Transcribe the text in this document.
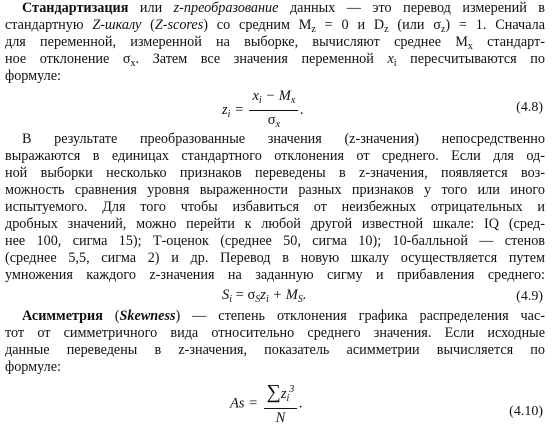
Стандартизация или z-преобразование данных — это перевод измерений в
стандартную Z-шкалу (Z-scores) со средним $M_z = 0$ и $D_z$ (или $\sigma_z) = 1$. Сначала
для переменной, измеренной на выборке, вычисляют среднее $M_x$ стандарт-
ное отклонение $\sigma_x$. Затем все значения переменной $x_i$ пересчитываются по
формуле:
$z_i = \frac{x_i - M_x}{\sigma_x}$ .	(4.8)
В результате преобразованные значения (z-значения) непосредственно
выражаются в единицах стандартного отклонения от среднего. Если для од-
ной выборки несколько признаков переведены в z-значения, появляется воз-
можность сравнения уровня выраженности разных признаков у того или иного
испытуемого. Для того чтобы избавиться от неизбежных отрицательных и
дробных значений, можно перейти к любой другой известной шкале: IQ (сред-
нее 100, сигма 15); Т-оценок (среднее 50, сигма 10); 10-балльной — стенов
(среднее 5,5, сигма 2) и др. Перевод в новую шкалу осуществляется путем
умножения каждого z-значения на заданную сигму и прибавления среднего:
$S_i = \sigma_Sz_i + M_S$.	(4.9)
Асимметрия (Skewness) — степень отклонения графика распределения час-
тот от симметричного вида относительно среднего значения. Если исходные
данные переведены в z-значения, показатель асимметрии вычисляется по
формуле:
$As = \frac{\sum z_i^3}{N}$ .
(4.10)
